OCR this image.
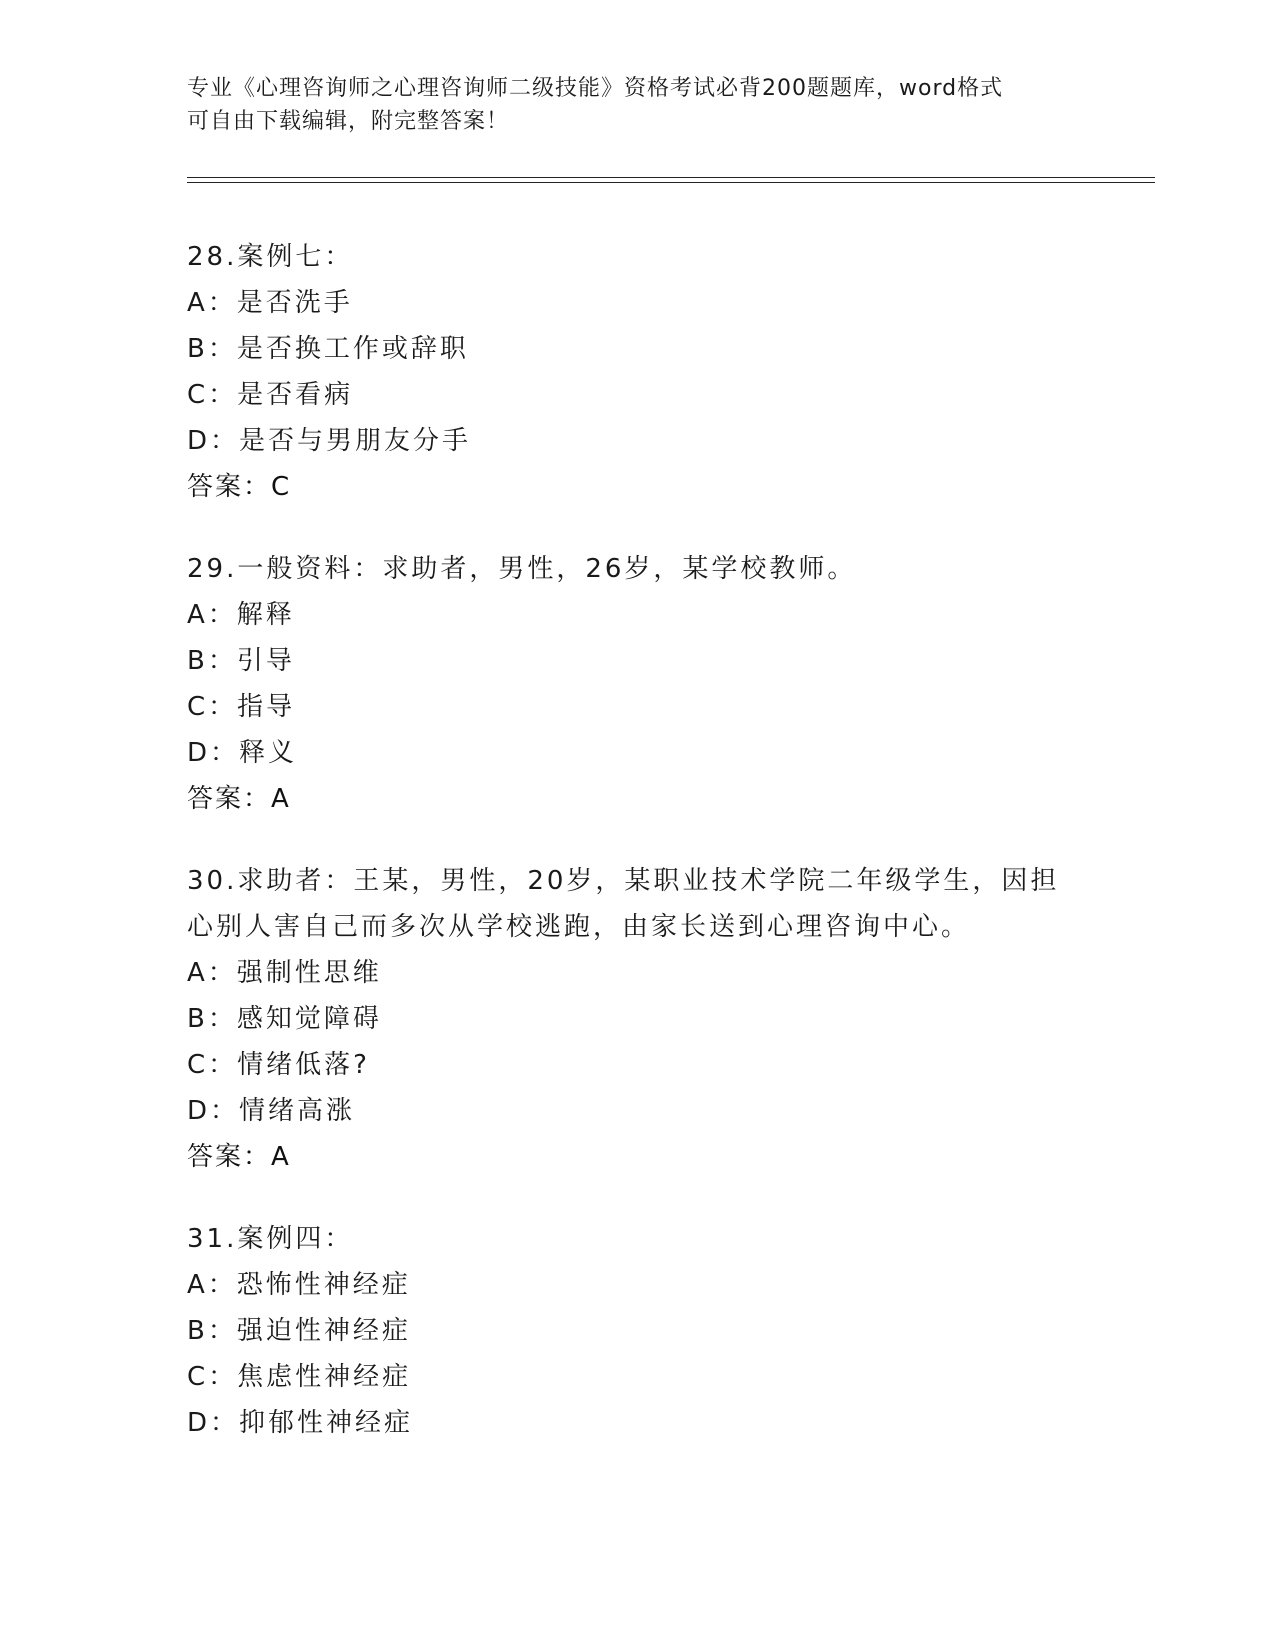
专业《心理咨询师之心理咨询师二级技能》资格考试必背200题题库，word格式
可自由下载编辑，附完整答案！
28.案例七：
A：是否洗手
B：是否换工作或辞职
C：是否看病
D：是否与男朋友分手
答案：C
29.一般资料：求助者，男性，26岁，某学校教师。
A：解释
B：引导
C：指导
D：释义
答案：A
30.求助者：王某，男性，20岁，某职业技术学院二年级学生，因担心别人害自己而多次从学校逃跑，由家长送到心理咨询中心。
A：强制性思维
B：感知觉障碍
C：情绪低落?
D：情绪高涨
答案：A
31.案例四：
A：恐怖性神经症
B：强迫性神经症
C：焦虑性神经症
D：抑郁性神经症
